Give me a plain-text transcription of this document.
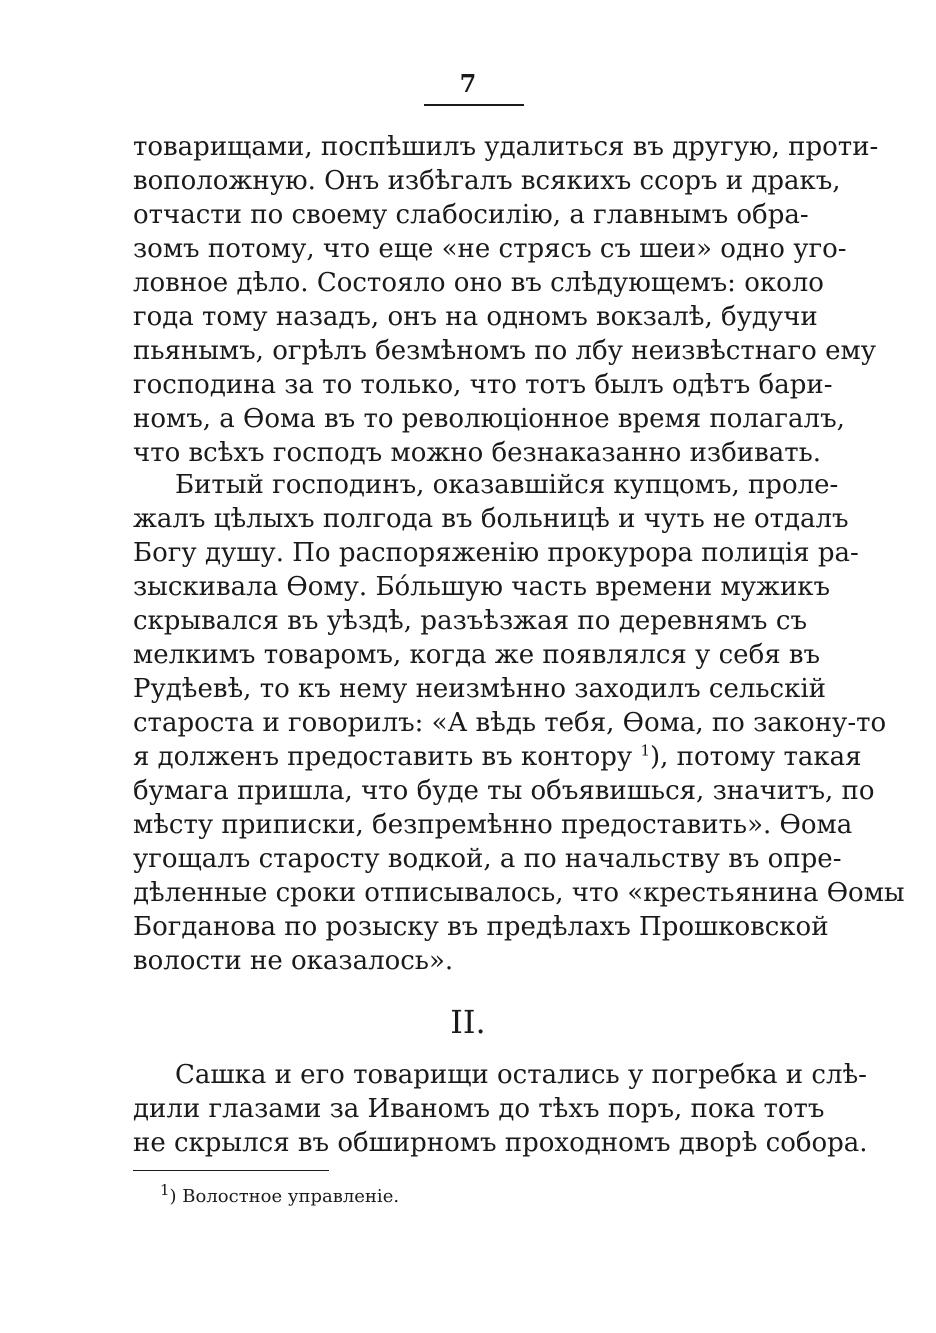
7

товарищами, поспѣшилъ удалиться въ другую, проти-
воположную. Онъ избѣгалъ всякихъ ссоръ и дракъ,
отчасти по своему слабосилію, а главнымъ обра-
зомъ потому, что еще «не стрясъ съ шеи» одно уго-
ловное дѣло. Состояло оно въ слѣдующемъ: около
года тому назадъ, онъ на одномъ вокзалѣ, будучи
пьянымъ, огрѣлъ безмѣномъ по лбу неизвѣстнаго ему
господина за то только, что тотъ былъ одѣтъ бари-
номъ, а Ѳома въ то революціонное время полагалъ,
что всѣхъ господъ можно безнаказанно избивать.

Битый господинъ, оказавшійся купцомъ, проле-
жалъ цѣлыхъ полгода въ больницѣ и чуть не отдалъ
Богу душу. По распоряженію прокурора полиція ра-
зыскивала Ѳому. Бо́льшую часть времени мужикъ
скрывался въ уѣздѣ, разъѣзжая по деревнямъ съ
мелкимъ товаромъ, когда же появлялся у себя въ
Рудѣевѣ, то къ нему неизмѣнно заходилъ сельскій
староста и говорилъ: «А вѣдь тебя, Ѳома, по закону-то
я долженъ предоставить въ контору $^1$), потому такая
бумага пришла, что буде ты объявишься, значитъ, по
мѣсту приписки, безпремѣнно предоставить». Ѳома
угощалъ старосту водкой, а по начальству въ опре-
дѣленные сроки отписывалось, что «крестьянина Ѳомы
Богданова по розыску въ предѣлахъ Прошковской
волости не оказалось».

II.

Сашка и его товарищи остались у погребка и слѣ-
дили глазами за Иваномъ до тѣхъ поръ, пока тотъ
не скрылся въ обширномъ проходномъ дворѣ собора.

$^1$) Волостное управленіе.
